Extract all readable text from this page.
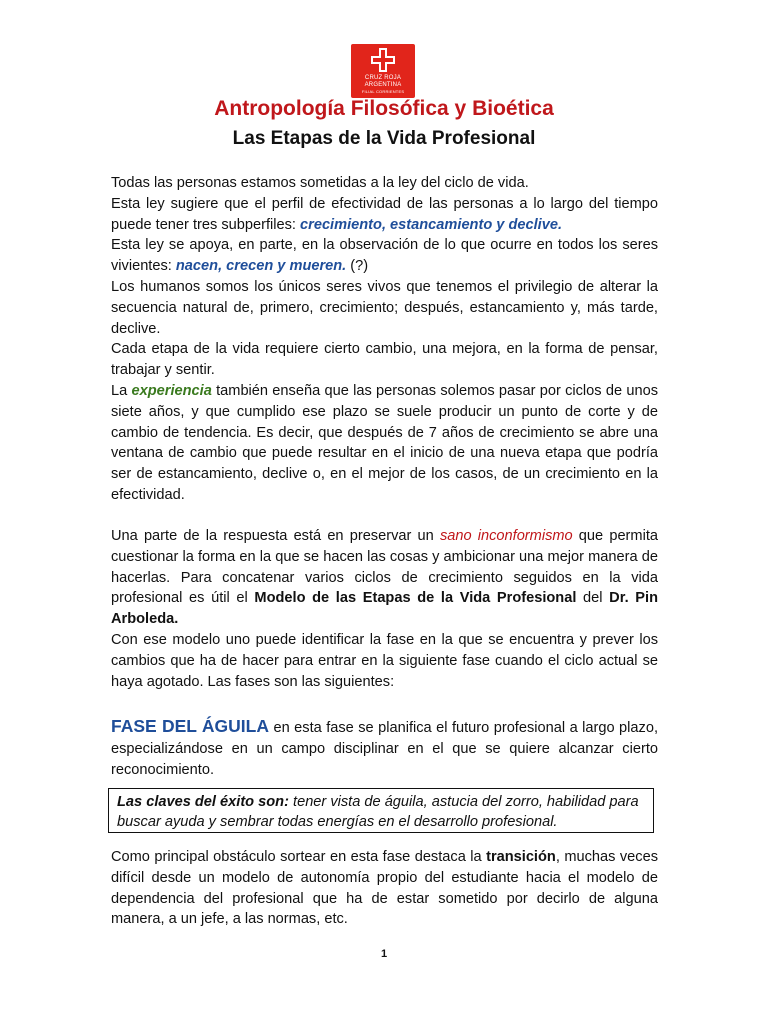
CRUZ ROJA
ARGENTINA
FILIAL CORRIENTES
Antropología Filosófica y Bioética
Las Etapas de la Vida Profesional

Todas las personas estamos sometidas a la ley del ciclo de vida.
Esta ley sugiere que el perfil de efectividad de las personas a lo largo del tiempo puede tener tres subperfiles: crecimiento, estancamiento y declive.
Esta ley se apoya, en parte, en la observación de lo que ocurre en todos los seres vivientes: nacen, crecen y mueren. (?)
Los humanos somos los únicos seres vivos que tenemos el privilegio de alterar la secuencia natural de, primero, crecimiento; después, estancamiento y, más tarde, declive.
Cada etapa de la vida requiere cierto cambio, una mejora, en la forma de pensar, trabajar y sentir.
La experiencia también enseña que las personas solemos pasar por ciclos de unos siete años, y que cumplido ese plazo se suele producir un punto de corte y de cambio de tendencia. Es decir, que después de 7 años de crecimiento se abre una ventana de cambio que puede resultar en el inicio de una nueva etapa que podría ser de estancamiento, declive o, en el mejor de los casos, de un crecimiento en la efectividad.

Una parte de la respuesta está en preservar un sano inconformismo que permita cuestionar la forma en la que se hacen las cosas y ambicionar una mejor manera de hacerlas. Para concatenar varios ciclos de crecimiento seguidos en la vida profesional es útil el Modelo de las Etapas de la Vida Profesional del Dr. Pin Arboleda.
Con ese modelo uno puede identificar la fase en la que se encuentra y prever los cambios que ha de hacer para entrar en la siguiente fase cuando el ciclo actual se haya agotado. Las fases son las siguientes:

FASE DEL ÁGUILA en esta fase se planifica el futuro profesional a largo plazo, especializándose en un campo disciplinar en el que se quiere alcanzar cierto reconocimiento.

Las claves del éxito son: tener vista de águila, astucia del zorro, habilidad para buscar ayuda y sembrar todas energías en el desarrollo profesional.

Como principal obstáculo sortear en esta fase destaca la transición, muchas veces difícil desde un modelo de autonomía propio del estudiante hacia el modelo de dependencia del profesional que ha de estar sometido por decirlo de alguna manera, a un jefe, a las normas, etc.

1
